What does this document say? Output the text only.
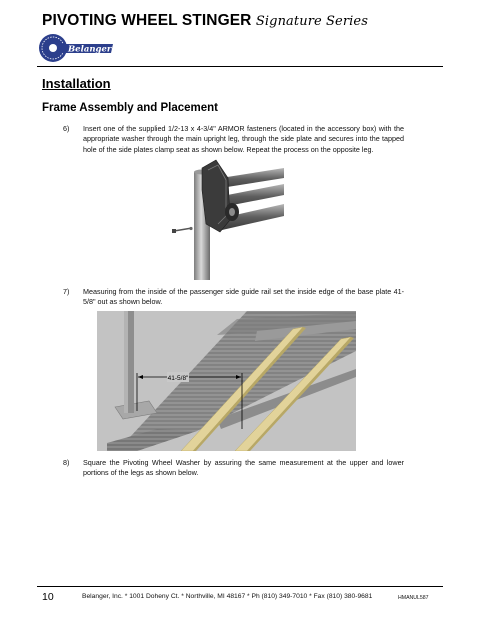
PIVOTING WHEEL STINGER Signature Series
Belanger
Installation
Frame Assembly and Placement
6) Insert one of the supplied 1/2-13 x 4-3/4" ARMOR fasteners (located in the accessory box) with the appropriate washer through the main upright leg, through the side plate and secures into the tapped hole of the side plates clamp seat as shown below. Repeat the process on the opposite leg.
7) Measuring from the inside of the passenger side guide rail set the inside edge of the base plate 41-5/8" out as shown below.
41-5/8"
8) Square the Pivoting Wheel Washer by assuring the same measurement at the upper and lower portions of the legs as shown below.
10	Belanger, Inc. * 1001 Doheny Ct. * Northville, MI 48167 * Ph (810) 349-7010 * Fax (810) 380-9681	HMANUL587
